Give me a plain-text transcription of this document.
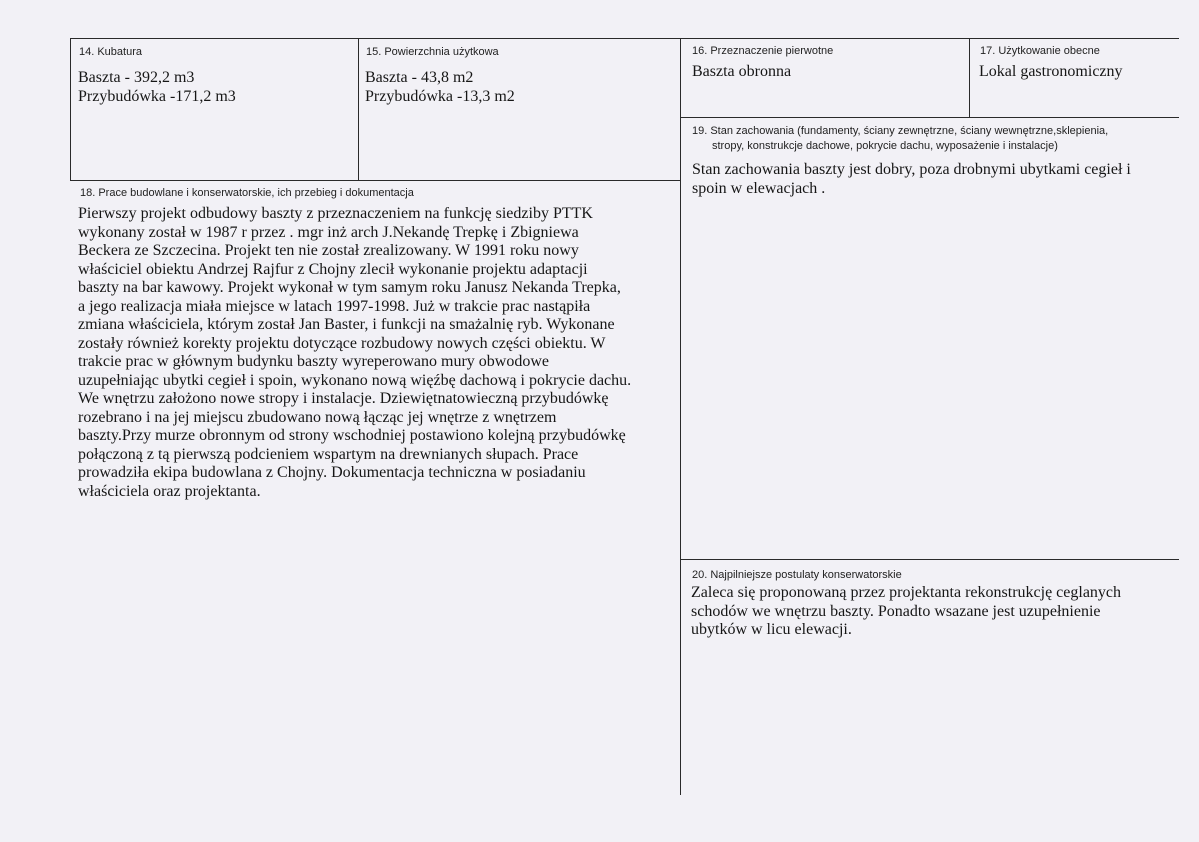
14. Kubatura
Baszta - 392,2 m3
Przybudówka -171,2 m3
15. Powierzchnia użytkowa
Baszta - 43,8 m2
Przybudówka -13,3 m2
16. Przeznaczenie pierwotne
Baszta obronna
17. Użytkowanie obecne
Lokal gastronomiczny
19. Stan zachowania (fundamenty, ściany zewnętrzne, ściany wewnętrzne,sklepienia,
stropy, konstrukcje dachowe, pokrycie dachu, wyposażenie i instalacje)
Stan zachowania baszty jest dobry, poza drobnymi ubytkami cegieł i
spoin w elewacjach .
18. Prace budowlane i konserwatorskie, ich przebieg i dokumentacja
Pierwszy projekt odbudowy baszty z przeznaczeniem na funkcję siedziby PTTK
wykonany został w 1987 r przez . mgr inż arch J.Nekandę Trepkę i Zbigniewa
Beckera ze Szczecina. Projekt ten nie został zrealizowany. W 1991 roku nowy
właściciel obiektu Andrzej Rajfur z Chojny zlecił wykonanie projektu adaptacji
baszty na bar kawowy. Projekt wykonał w tym samym roku Janusz Nekanda Trepka,
a jego realizacja miała miejsce w latach 1997-1998. Już w trakcie prac nastąpiła
zmiana właściciela, którym został Jan Baster, i funkcji na smażalnię ryb. Wykonane
zostały również korekty projektu dotyczące rozbudowy nowych części obiektu. W
trakcie prac w głównym budynku baszty wyreperowano mury obwodowe
uzupełniając ubytki cegieł i spoin, wykonano nową więźbę dachową i pokrycie dachu.
We wnętrzu założono nowe stropy i instalacje. Dziewiętnatowieczną przybudówkę
rozebrano i na jej miejscu zbudowano nową łącząc jej wnętrze z wnętrzem
baszty.Przy murze obronnym od strony wschodniej postawiono kolejną przybudówkę
połączoną z tą pierwszą podcieniem wspartym na drewnianych słupach. Prace
prowadziła ekipa budowlana z Chojny. Dokumentacja techniczna w posiadaniu
właściciela oraz projektanta.
20. Najpilniejsze postulaty konserwatorskie
Zaleca się proponowaną przez projektanta rekonstrukcję ceglanych
schodów we wnętrzu baszty. Ponadto wsazane jest uzupełnienie
ubytków w licu elewacji.
